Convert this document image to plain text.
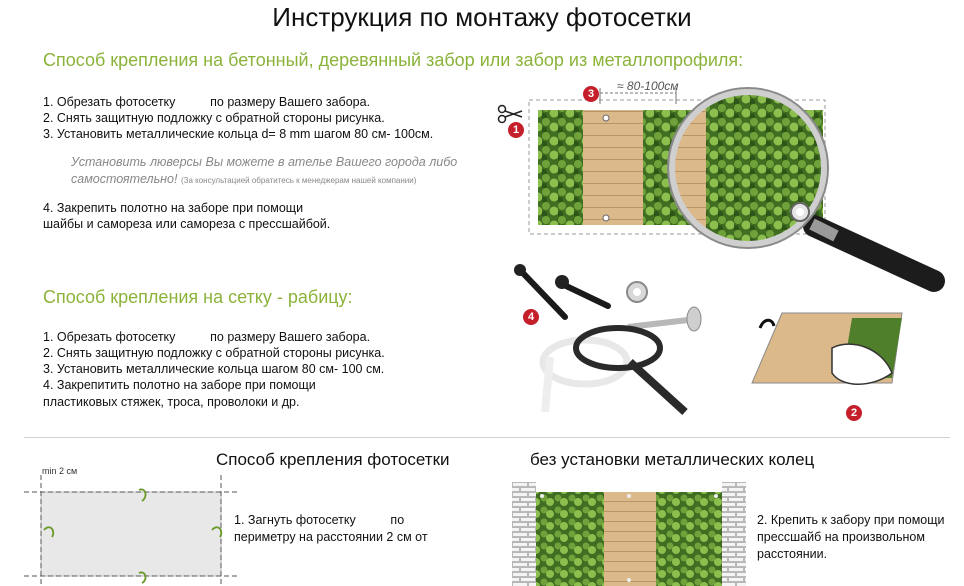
Инструкция по монтажу фотосетки
Способ крепления на бетонный, деревянный забор или забор из металлопрофиля:
1. Обрезать фотосетку          по размеру Вашего забора.
2. Снять защитную подложку с обратной стороны рисунка.
3. Установить металлические кольца d= 8 mm шагом 80 см- 100см.
Установить люверсы Вы можете в ателье Вашего города либо
самостоятельно! (За консультацией обратитесь к менеджерам нашей компании)
4. Закрепить полотно на заборе при помощи
шайбы и самореза или самореза с прессшайбой.
Способ крепления на сетку - рабицу:
1. Обрезать фотосетку          по размеру Вашего забора.
2. Снять защитную подложку с обратной стороны рисунка.
3. Установить металлические кольца шагом 80 см- 100 см.
4. Закрепитить полотно на заборе при помощи
пластиковых стяжек, троса, проволоки и др.
≈ 80-100см
3
1
4
2
Способ крепления фотосетки	без установки металлических колец
min 2 см
1. Загнуть фотосетку          по
периметру на расстоянии 2 см от
2. Крепить к забору при помощи
прессшайб на произвольном
расстоянии.
